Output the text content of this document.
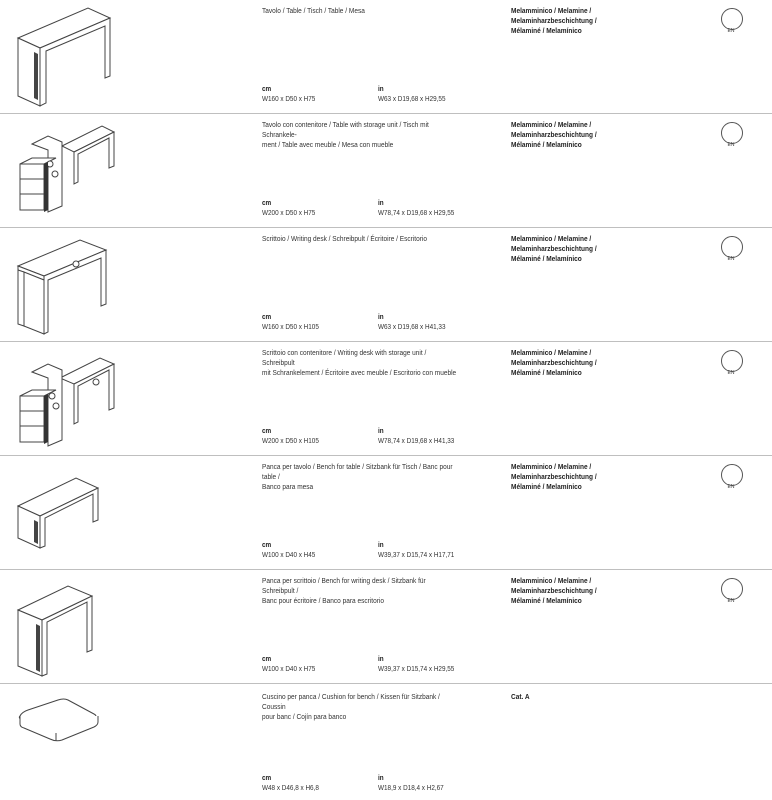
Tavolo / Table / Tisch / Table / Mesa	Melamminico / Melamine /
Melaminharzbeschichtung /
Mélaminé / Melamínico	EN
cm
W160 x D50 x H75
in
W63 x D19,68 x H29,55
Tavolo con contenitore / Table with storage unit / Tisch mit Schrankele-
ment / Table avec meuble / Mesa con mueble
Melamminico / Melamine /
Melaminharzbeschichtung /
Mélaminé / Melamínico	EN
cm
W200 x D50 x H75
in
W78,74 x D19,68 x H29,55
Scrittoio / Writing desk / Schreibpult / Écritoire / Escritorio	Melamminico / Melamine /
Melaminharzbeschichtung /
Mélaminé / Melamínico	EN
cm
W160 x D50 x H105
in
W63 x D19,68 x H41,33
Scrittoio con contenitore / Writing desk with storage unit / Schreibpult
mit Schrankelement / Écritoire avec meuble / Escritorio con mueble
Melamminico / Melamine /
Melaminharzbeschichtung /
Mélaminé / Melamínico	EN
cm
W200 x D50 x H105
in
W78,74 x D19,68 x H41,33
Panca per tavolo / Bench for table / Sitzbank für Tisch / Banc pour table /
Banco para mesa
Melamminico / Melamine /
Melaminharzbeschichtung /
Mélaminé / Melamínico	EN
cm
W100 x D40 x H45
in
W39,37 x D15,74 x H17,71
Panca per scrittoio / Bench for writing desk / Sitzbank für Schreibpult /
Banc pour écritoire / Banco para escritorio
Melamminico / Melamine /
Melaminharzbeschichtung /
Mélaminé / Melamínico	EN
cm
W100 x D40 x H75
in
W39,37 x D15,74 x H29,55
Cuscino per panca / Cushion for bench / Kissen für Sitzbank / Coussin
pour banc / Cojín para banco
Cat. A
cm
W48 x D46,8 x H6,8
in
W18,9 x D18,4 x H2,67
